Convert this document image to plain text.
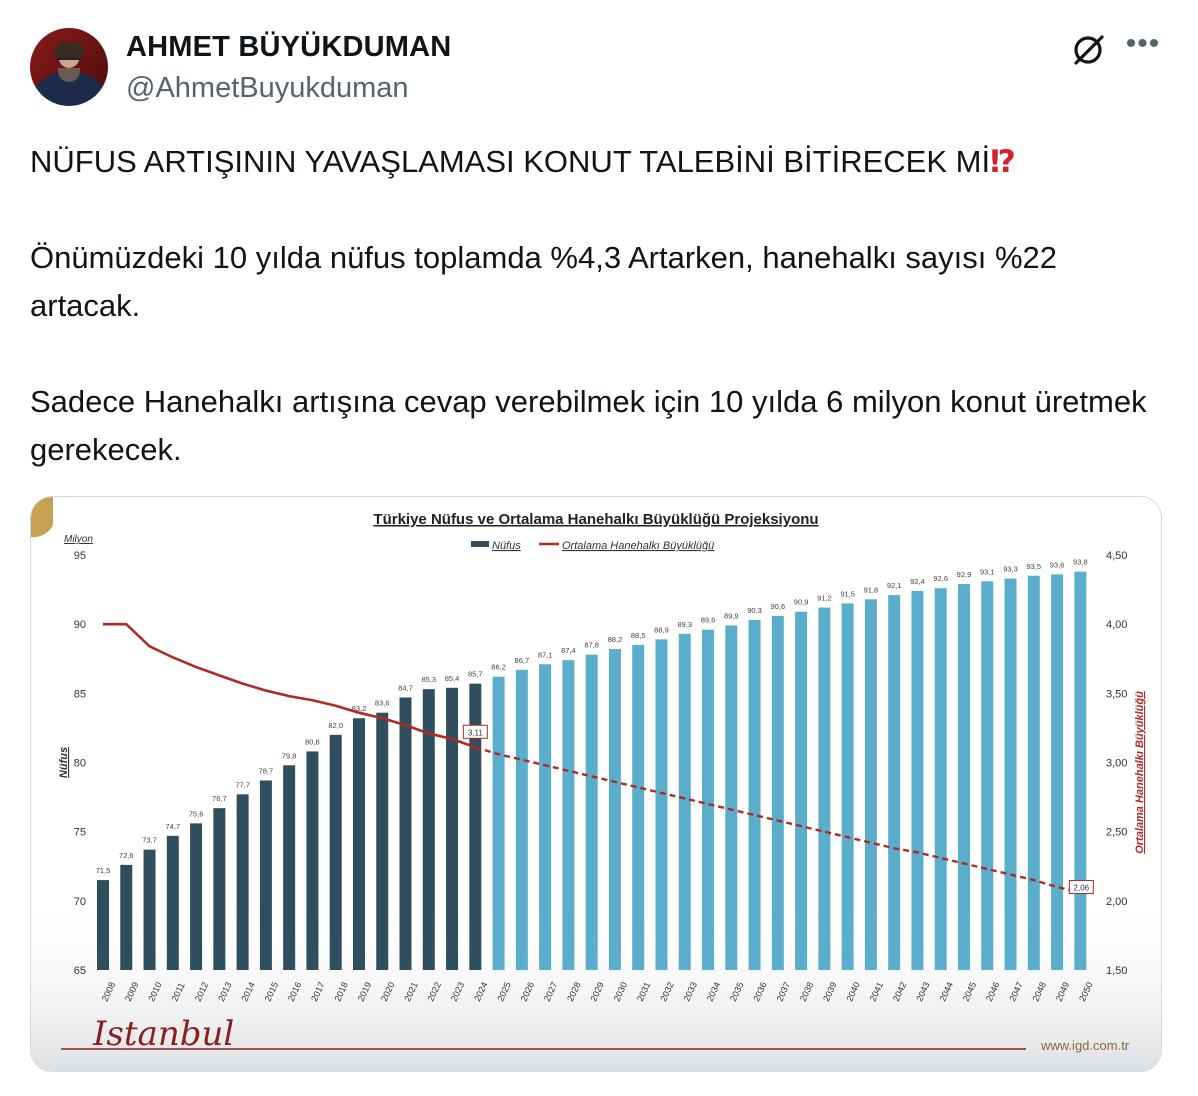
AHMET BÜYÜKDUMAN
@AhmetBuyukduman
•••

NÜFUS ARTIŞININ YAVAŞLAMASI KONUT TALEBİNİ BİTİRECEK Mİ⁉

Önümüzdeki 10 yılda nüfus toplamda %4,3 Artarken, hanehalkı sayısı %22 artacak.

Sadece Hanehalkı artışına cevap verebilmek için 10 yılda 6 milyon konut üretmek gerekecek.

Türkiye Nüfus ve Ortalama Hanehalkı Büyüklüğü Projeksiyonu
Nüfus	Ortalama Hanehalkı Büyüklüğü
Milyon
95
90
85
80
75
70
65
Nüfus
4,50
4,00
3,50
3,00
2,50
2,00
1,50
Ortalama Hanehalkı Büyüklüğü
71,5
2008
72,6
2009
73,7
2010
74,7
2011
75,6
2012
76,7
2013
77,7
2014
78,7
2015
79,8
2016
80,8
2017
82,0
2018
83,2
2019
83,6
2020
84,7
2021
85,3
2022
85,4
2023
85,7
2024
86,2
2025
86,7
2026
87,1
2027
87,4
2028
87,8
2029
88,2
2030
88,5
2031
88,9
2032
89,3
2033
89,6
2034
89,9
2035
90,3
2036
90,6
2037
90,9
2038
91,2
2039
91,5
2040
91,8
2041
92,1
2042
92,4
2043
92,6
2044
92,9
2045
93,1
2046
93,3
2047
93,5
2048
93,6
2049
93,8
2050
3,11
2,06
Istanbul	www.igd.com.tr
